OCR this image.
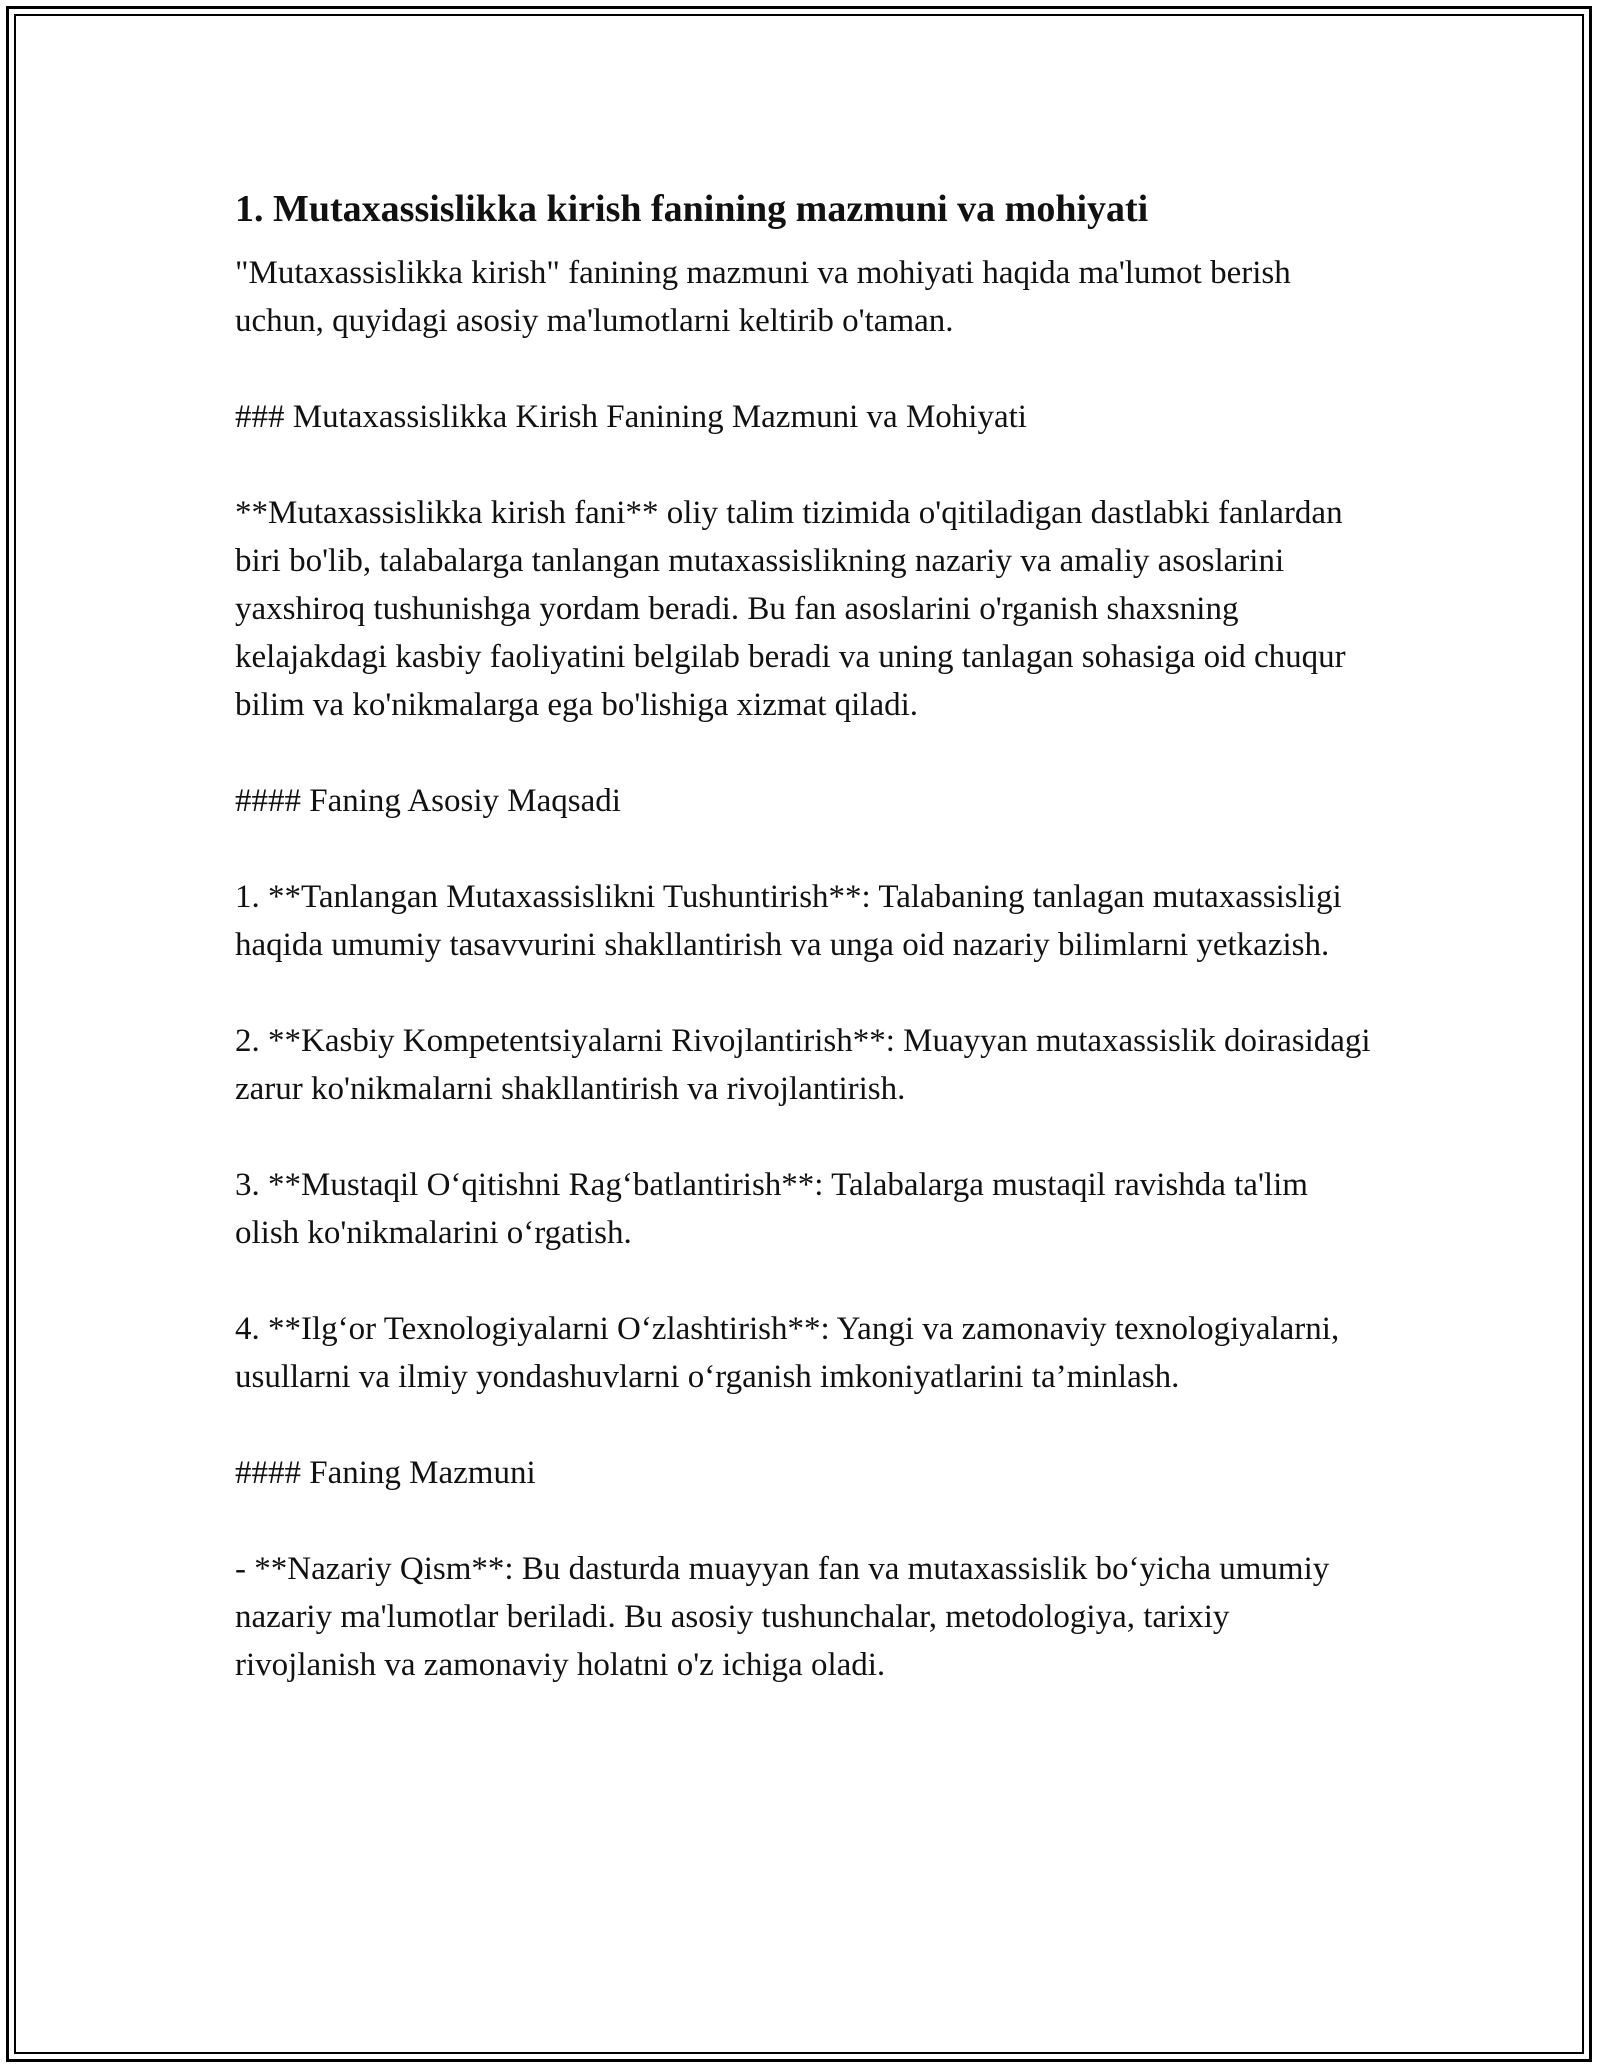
1. Mutaxassislikka kirish fanining mazmuni va mohiyati

"Mutaxassislikka kirish" fanining mazmuni va mohiyati haqida ma'lumot berish uchun, quyidagi asosiy ma'lumotlarni keltirib o'taman.

### Mutaxassislikka Kirish Fanining Mazmuni va Mohiyati

**Mutaxassislikka kirish fani** oliy talim tizimida o'qitiladigan dastlabki fanlardan biri bo'lib, talabalarga tanlangan mutaxassislikning nazariy va amaliy asoslarini yaxshiroq tushunishga yordam beradi. Bu fan asoslarini o'rganish shaxsning kelajakdagi kasbiy faoliyatini belgilab beradi va uning tanlagan sohasiga oid chuqur bilim va ko'nikmalarga ega bo'lishiga xizmat qiladi.

#### Faning Asosiy Maqsadi

1. **Tanlangan Mutaxassislikni Tushuntirish**: Talabaning tanlagan mutaxassisligi haqida umumiy tasavvurini shakllantirish va unga oid nazariy bilimlarni yetkazish.

2. **Kasbiy Kompetentsiyalarni Rivojlantirish**: Muayyan mutaxassislik doirasidagi zarur ko'nikmalarni shakllantirish va rivojlantirish.

3. **Mustaqil O‘qitishni Rag‘batlantirish**: Talabalarga mustaqil ravishda ta'lim olish ko'nikmalarini o‘rgatish.

4. **Ilg‘or Texnologiyalarni O‘zlashtirish**: Yangi va zamonaviy texnologiyalarni, usullarni va ilmiy yondashuvlarni o‘rganish imkoniyatlarini ta’minlash.

#### Faning Mazmuni

- **Nazariy Qism**: Bu dasturda muayyan fan va mutaxassislik bo‘yicha umumiy nazariy ma'lumotlar beriladi. Bu asosiy tushunchalar, metodologiya, tarixiy rivojlanish va zamonaviy holatni o'z ichiga oladi.
